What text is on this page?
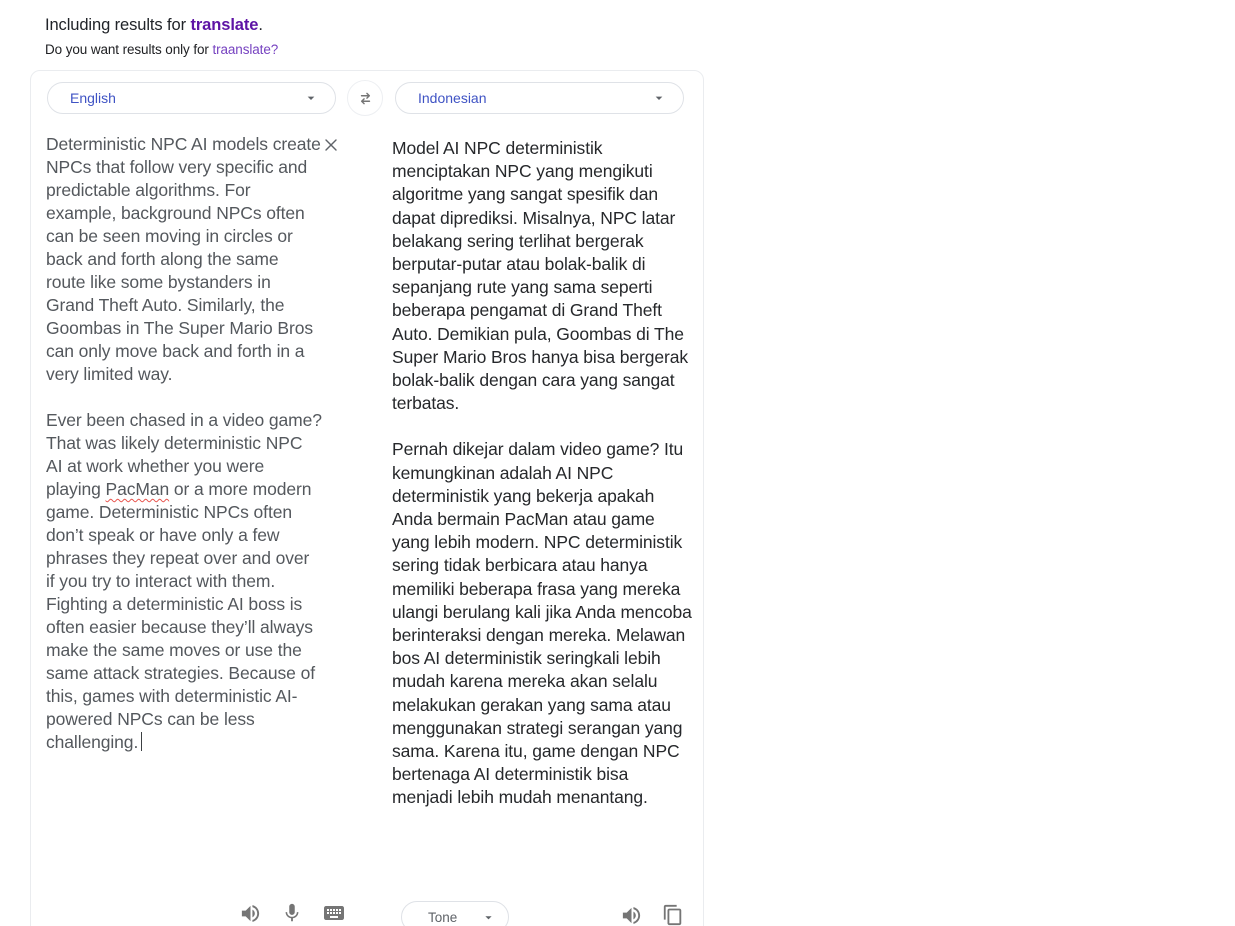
Including results for translate.
Do you want results only for traanslate?
English	Indonesian

Deterministic NPC AI models create NPCs that follow very specific and predictable algorithms. For example, background NPCs often can be seen moving in circles or back and forth along the same route like some bystanders in Grand Theft Auto. Similarly, the Goombas in The Super Mario Bros can only move back and forth in a very limited way.

Ever been chased in a video game? That was likely deterministic NPC AI at work whether you were playing PacMan or a more modern game. Deterministic NPCs often don’t speak or have only a few phrases they repeat over and over if you try to interact with them. Fighting a deterministic AI boss is often easier because they’ll always make the same moves or use the same attack strategies. Because of this, games with deterministic AI-powered NPCs can be less challenging.

Model AI NPC deterministik menciptakan NPC yang mengikuti algoritme yang sangat spesifik dan dapat diprediksi. Misalnya, NPC latar belakang sering terlihat bergerak berputar-putar atau bolak-balik di sepanjang rute yang sama seperti beberapa pengamat di Grand Theft Auto. Demikian pula, Goombas di The Super Mario Bros hanya bisa bergerak bolak-balik dengan cara yang sangat terbatas.

Pernah dikejar dalam video game? Itu kemungkinan adalah AI NPC deterministik yang bekerja apakah Anda bermain PacMan atau game yang lebih modern. NPC deterministik sering tidak berbicara atau hanya memiliki beberapa frasa yang mereka ulangi berulang kali jika Anda mencoba berinteraksi dengan mereka. Melawan bos AI deterministik seringkali lebih mudah karena mereka akan selalu melakukan gerakan yang sama atau menggunakan strategi serangan yang sama. Karena itu, game dengan NPC bertenaga AI deterministik bisa menjadi lebih mudah menantang.

Tone
